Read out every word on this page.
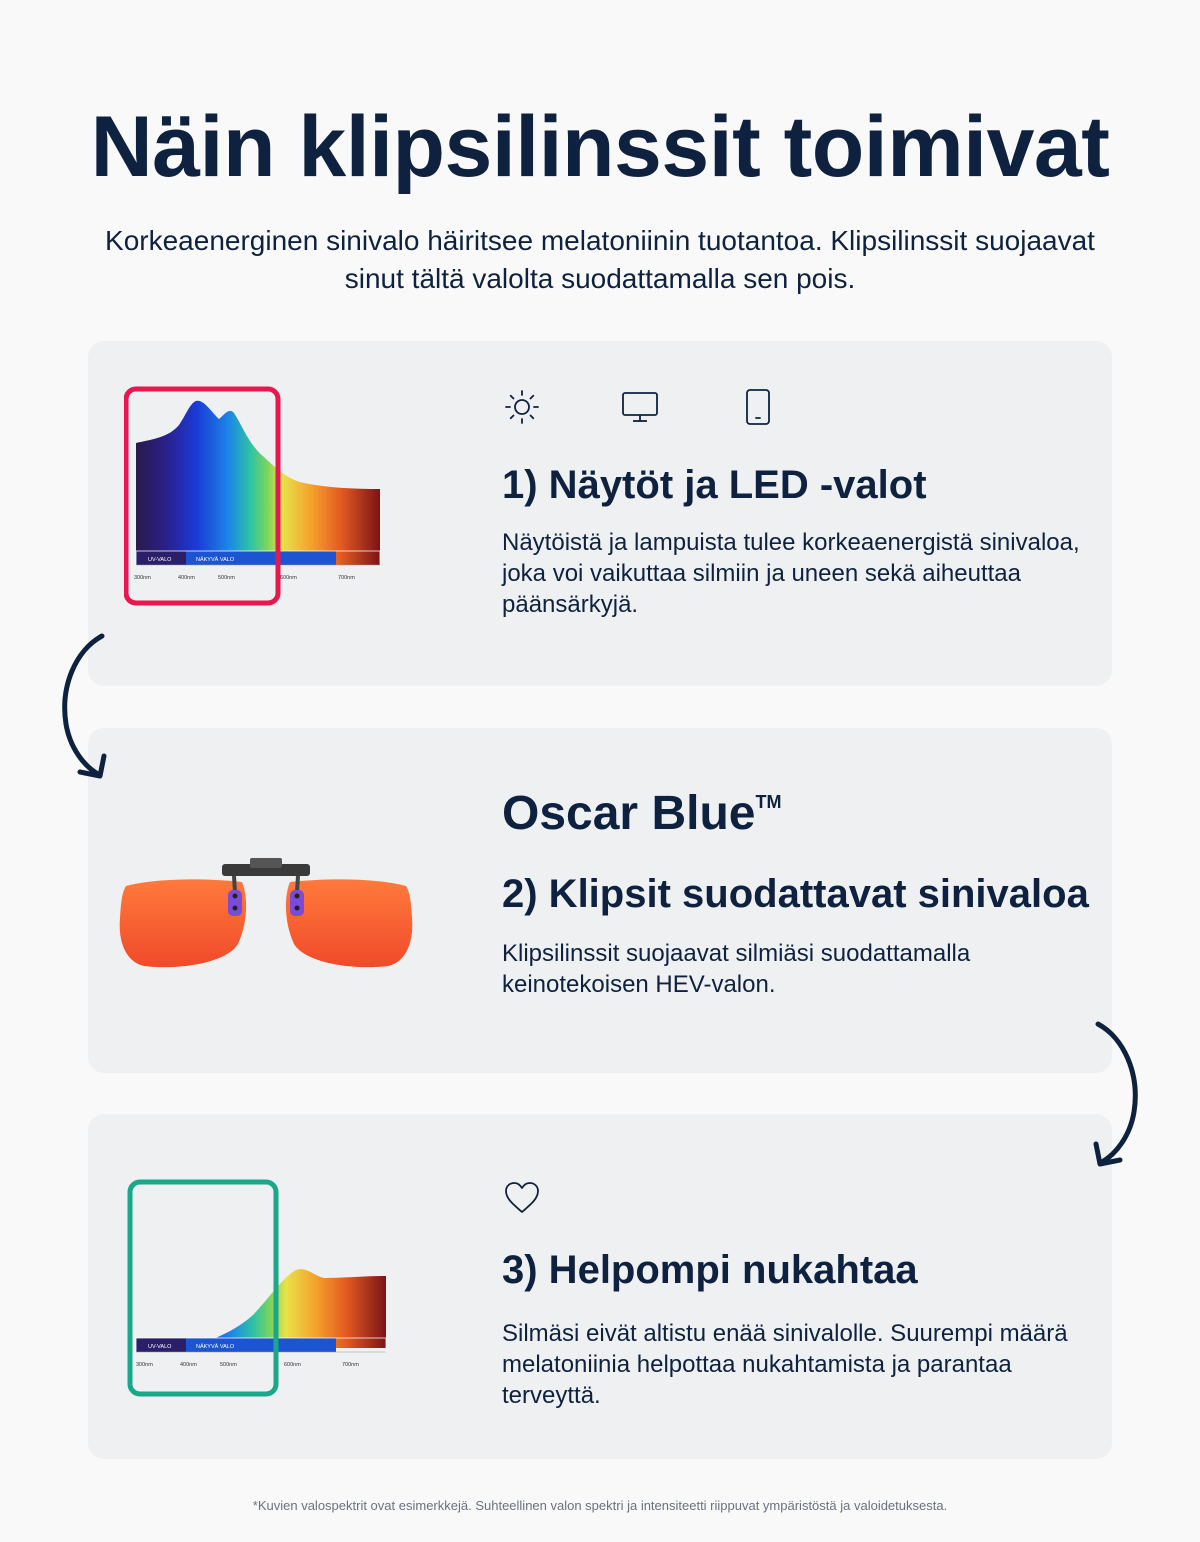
Näin klipsilinssit toimivat

Korkeaenerginen sinivalo häiritsee melatoniinin tuotantoa. Klipsilinssit suojaavat sinut tältä valolta suodattamalla sen pois.

UV-VALO	NÄKYVÄ VALO
300nm	400nm	500nm	600nm	700nm
1) Näytöt ja LED -valot

Näytöistä ja lampuista tulee korkeaenergistä sinivaloa, joka voi vaikuttaa silmiin ja uneen sekä aiheuttaa päänsärkyjä.

Oscar Blue™
2) Klipsit suodattavat sinivaloa

Klipsilinssit suojaavat silmiäsi suodattamalla keinotekoisen HEV-valon.

UV-VALO	NÄKYVÄ VALO
300nm	400nm	500nm	600nm	700nm
3) Helpompi nukahtaa

Silmäsi eivät altistu enää sinivalolle. Suurempi määrä melatoniinia helpottaa nukahtamista ja parantaa terveyttä.

*Kuvien valospektrit ovat esimerkkejä. Suhteellinen valon spektri ja intensiteetti riippuvat ympäristöstä ja valoidetuksesta.
